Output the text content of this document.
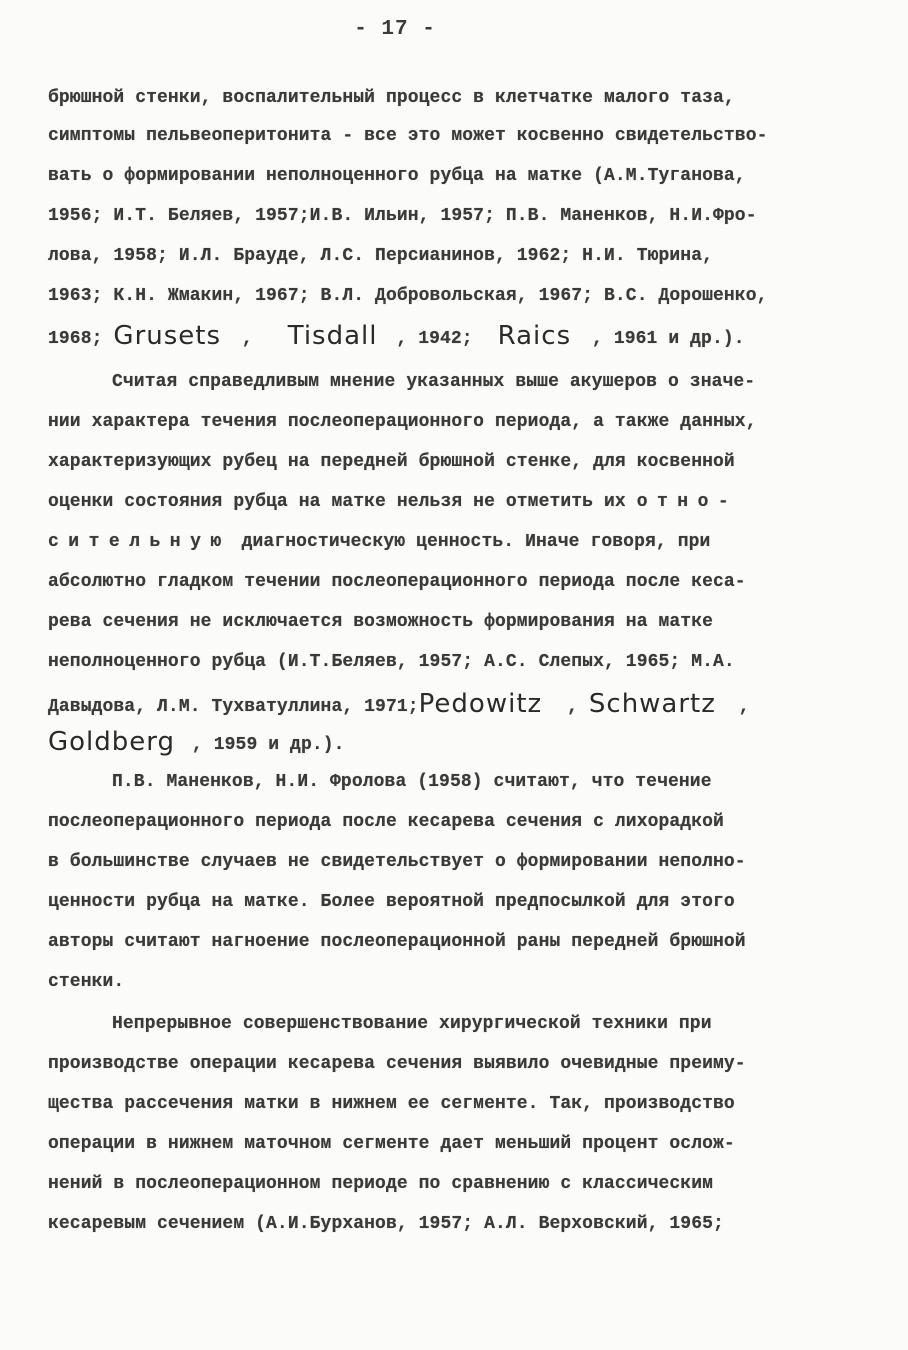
- 17 -
брюшной стенки, воспалительный процесс в клетчатке малого таза,
симптомы пельвеоперитонита - все это может косвенно свидетельство-
вать о формировании неполноценного рубца на матке (А.М.Туганова,
1956; И.Т. Беляев, 1957;И.В. Ильин, 1957; П.В. Маненков, Н.И.Фро-
лова, 1958; И.Л. Брауде, Л.С. Персианинов, 1962; Н.И. Тюрина,
1963; К.Н. Жмакин, 1967; В.Л. Добровольская, 1967; В.С. Дорошенко,
1968; Grusets , Tisdall , 1942; Raics , 1961 и др.).
Считая справедливым мнение указанных выше акушеров о значе-
нии характера течения послеоперационного периода, а также данных,
характеризующих рубец на передней брюшной стенке, для косвенной
оценки состояния рубца на матке нельзя не отметить их отно-
сительную диагностическую ценность. Иначе говоря, при
абсолютно гладком течении послеоперационного периода после кеса-
рева сечения не исключается возможность формирования на матке
неполноценного рубца (И.Т.Беляев, 1957; А.С. Слепых, 1965; М.А.
Давыдова, Л.М. Тухватуллина, 1971;Pedowitz , Schwartz ,
Goldberg , 1959 и др.).
П.В. Маненков, Н.И. Фролова (1958) считают, что течение
послеоперационного периода после кесарева сечения с лихорадкой
в большинстве случаев не свидетельствует о формировании неполно-
ценности рубца на матке. Более вероятной предпосылкой для этого
авторы считают нагноение послеоперационной раны передней брюшной
стенки.
Непрерывное совершенствование хирургической техники при
производстве операции кесарева сечения выявило очевидные преиму-
щества рассечения матки в нижнем ее сегменте. Так, производство
операции в нижнем маточном сегменте дает меньший процент ослож-
нений в послеоперационном периоде по сравнению с классическим
кесаревым сечением (А.И.Бурханов, 1957; А.Л. Верховский, 1965;
